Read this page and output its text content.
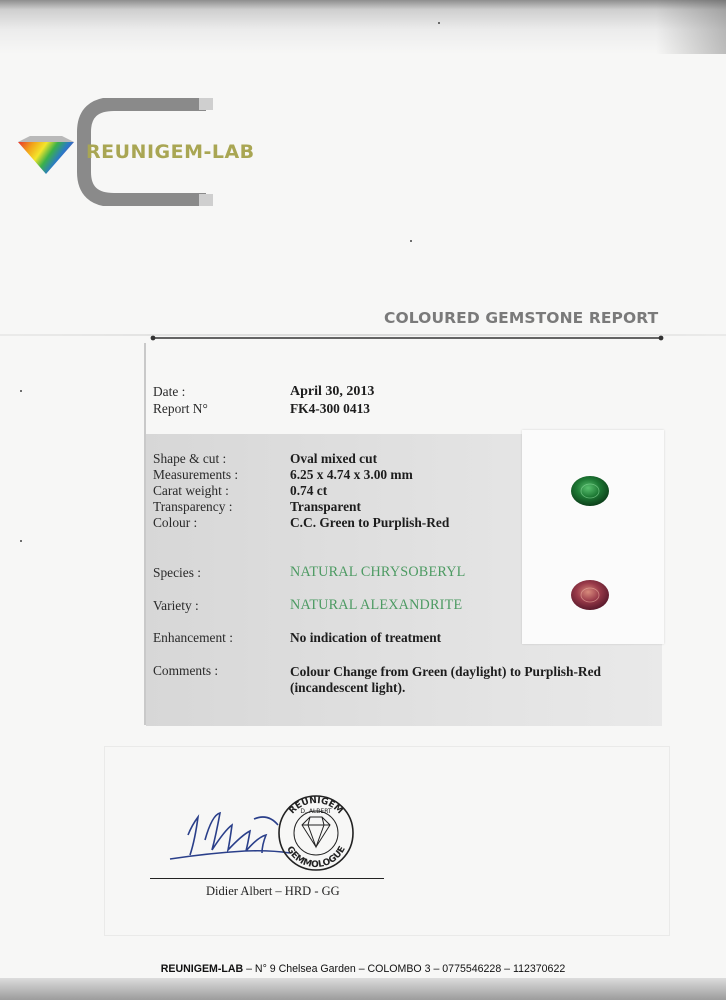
REUNIGEM-LAB
COLOURED GEMSTONE REPORT
Date :	April 30, 2013
Report N°	FK4-300 0413
Shape & cut :	Oval mixed cut
Measurements :	6.25 x 4.74 x 3.00 mm
Carat weight :	0.74 ct
Transparency :	Transparent
Colour :	C.C. Green to Purplish-Red
Species :	NATURAL CHRYSOBERYL
Variety :	NATURAL ALEXANDRITE
Enhancement :	No indication of treatment
Comments :	Colour Change from Green (daylight) to Purplish-Red
(incandescent light).
REUNIGEM
GEMMOLOGUE
D. ALBERT
Didier Albert – HRD - GG
REUNIGEM-LAB – N° 9 Chelsea Garden – COLOMBO 3 – 0775546228 – 112370622
